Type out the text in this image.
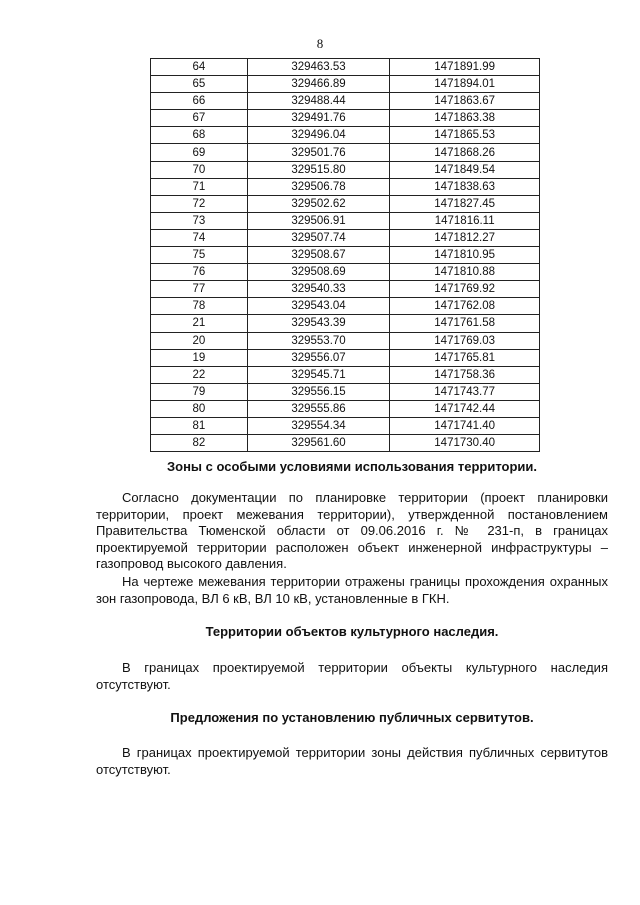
8
64	329463.53	1471891.99
65	329466.89	1471894.01
66	329488.44	1471863.67
67	329491.76	1471863.38
68	329496.04	1471865.53
69	329501.76	1471868.26
70	329515.80	1471849.54
71	329506.78	1471838.63
72	329502.62	1471827.45
73	329506.91	1471816.11
74	329507.74	1471812.27
75	329508.67	1471810.95
76	329508.69	1471810.88
77	329540.33	1471769.92
78	329543.04	1471762.08
21	329543.39	1471761.58
20	329553.70	1471769.03
19	329556.07	1471765.81
22	329545.71	1471758.36
79	329556.15	1471743.77
80	329555.86	1471742.44
81	329554.34	1471741.40
82	329561.60	1471730.40
Зоны с особыми условиями использования территории.
Согласно документации по планировке территории (проект планировки территории, проект межевания территории), утвержденной постановлением Правительства Тюменской области от 09.06.2016 г. № 231-п, в границах проектируемой территории расположен объект инженерной инфраструктуры – газопровод высокого давления.
На чертеже межевания территории отражены границы прохождения охранных зон газопровода, ВЛ 6 кВ, ВЛ 10 кВ, установленные в ГКН.
Территории объектов культурного наследия.
В границах проектируемой территории объекты культурного наследия отсутствуют.
Предложения по установлению публичных сервитутов.
В границах проектируемой территории зоны действия публичных сервитутов отсутствуют.
